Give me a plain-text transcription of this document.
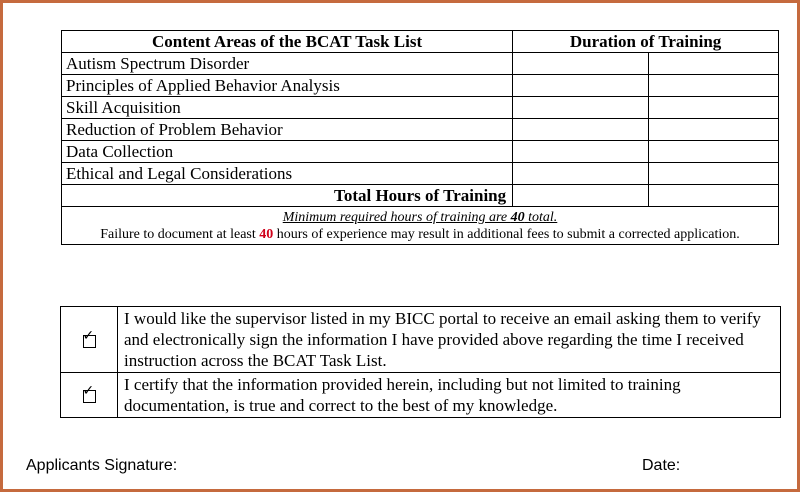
Content Areas of the BCAT Task List	Duration of Training	
Autism Spectrum Disorder		
Principles of Applied Behavior Analysis		
Skill Acquisition		
Reduction of Problem Behavior		
Data Collection		
Ethical and Legal Considerations		
Total Hours of Training		

Minimum required hours of training are 40 total.
Failure to document at least 40 hours of experience may result in additional fees to submit a corrected application.		
✓	I would like the supervisor listed in my BICC portal to receive an email asking them to verify and electronically sign the information I have provided above regarding the time I received instruction across the BCAT Task List.

✓	I certify that the information provided herein, including but not limited to training documentation, is true and correct to the best of my knowledge.
Applicants Signature:	Date:
